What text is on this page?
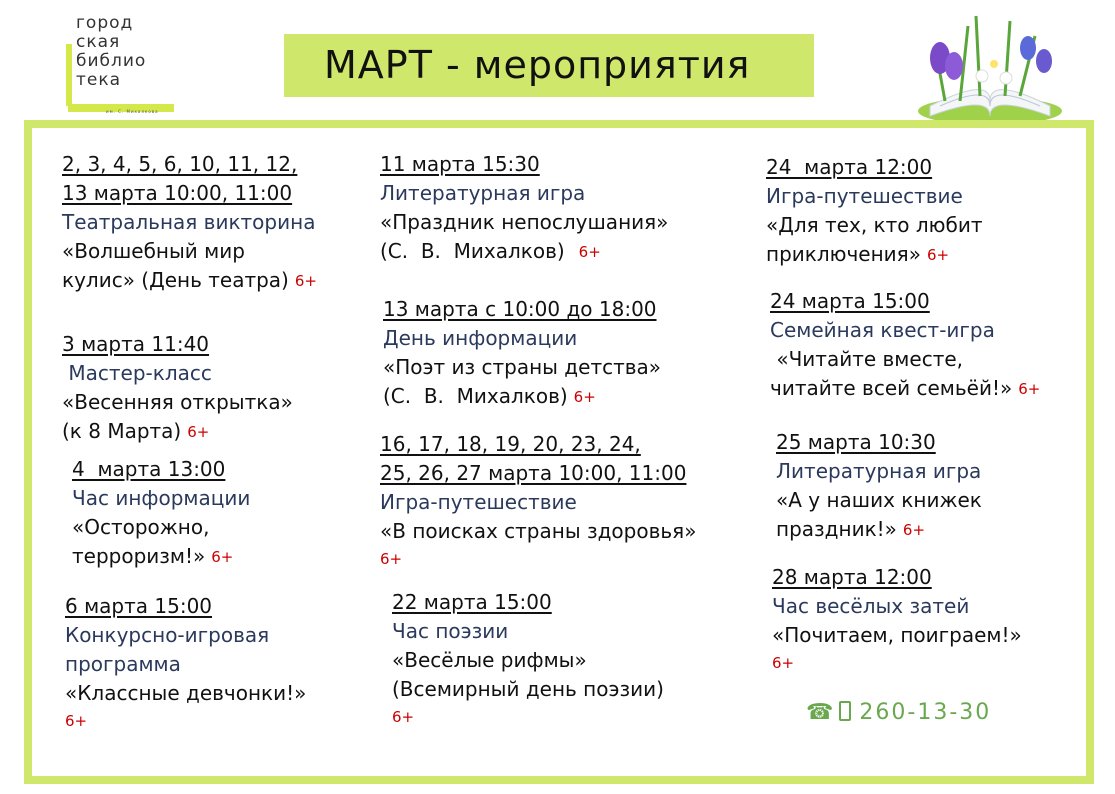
город
ская
библио
тека
им. С. Михалкова
МАРТ - мероприятия
2, 3, 4, 5, 6, 10, 11, 12,
13 марта 10:00, 11:00
Театральная викторина
«Волшебный мир
кулис» (День театра) 6+
3 марта 11:40
Мастер-класс
«Весенняя открытка»
(к 8 Марта) 6+
4  марта 13:00
Час информации
«Осторожно,
терроризм!» 6+
6 марта 15:00
Конкурсно-игровая
программа
«Классные девчонки!»
6+
11 марта 15:30
Литературная игра
«Праздник непослушания»
(С.  В.  Михалков) 6+
13 марта с 10:00 до 18:00
День информации
«Поэт из страны детства»
(С.  В.  Михалков) 6+
16, 17, 18, 19, 20, 23, 24,
25, 26, 27 марта 10:00, 11:00
Игра-путешествие
«В поисках страны здоровья»
6+
22 марта 15:00
Час поэзии
«Весёлые рифмы»
(Всемирный день поэзии)
6+
24  марта 12:00
Игра-путешествие
«Для тех, кто любит
приключения» 6+
24 марта 15:00
Семейная квест-игра
«Читайте вместе,
читайте всей семьёй!» 6+
25 марта 10:30
Литературная игра
«А у наших книжек
праздник!» 6+
28 марта 12:00
Час весёлых затей
«Почитаем, поиграем!»
6+
☎ 260-13-30
